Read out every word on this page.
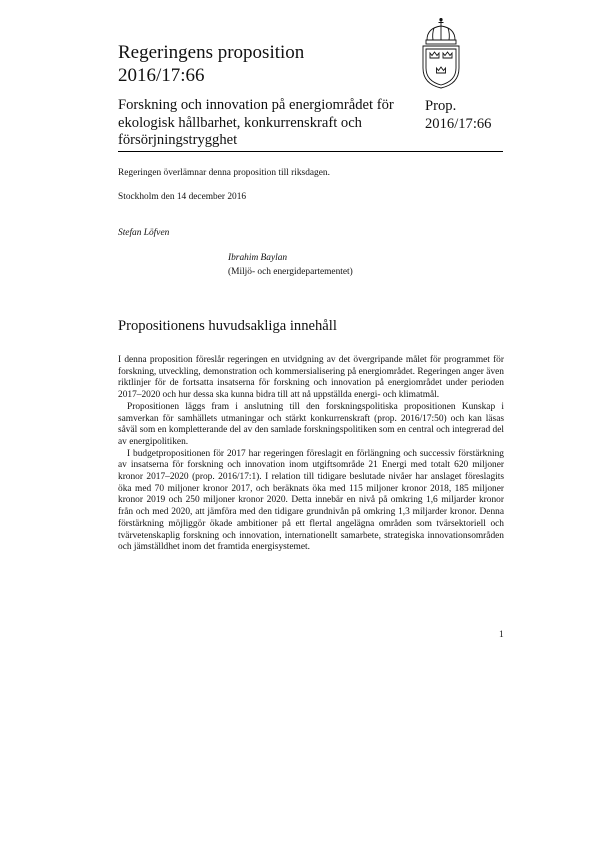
Regeringens proposition
2016/17:66
Forskning och innovation på energiområdet för ekologisk hållbarhet, konkurrenskraft och försörjningstrygghet
Prop.
2016/17:66
Regeringen överlämnar denna proposition till riksdagen.
Stockholm den 14 december 2016
Stefan Löfven
Ibrahim Baylan
(Miljö- och energidepartementet)
Propositionens huvudsakliga innehåll

I denna proposition föreslår regeringen en utvidgning av det övergripande målet för programmet för forskning, utveckling, demonstration och kommersialisering på energiområdet. Regeringen anger även riktlinjer för de fortsatta insatserna för forskning och innovation på energiområdet under perioden 2017–2020 och hur dessa ska kunna bidra till att nå uppställda energi- och klimatmål.

Propositionen läggs fram i anslutning till den forskningspolitiska propositionen Kunskap i samverkan för samhällets utmaningar och stärkt konkurrenskraft (prop. 2016/17:50) och kan läsas såväl som en kompletterande del av den samlade forskningspolitiken som en central och integrerad del av energipolitiken.

I budgetpropositionen för 2017 har regeringen föreslagit en förlängning och successiv förstärkning av insatserna för forskning och innovation inom utgiftsområde 21 Energi med totalt 620 miljoner kronor 2017–2020 (prop. 2016/17:1). I relation till tidigare beslutade nivåer har anslaget föreslagits öka med 70 miljoner kronor 2017, och beräknats öka med 115 miljoner kronor 2018, 185 miljoner kronor 2019 och 250 miljoner kronor 2020. Detta innebär en nivå på omkring 1,6 miljarder kronor från och med 2020, att jämföra med den tidigare grundnivån på omkring 1,3 miljarder kronor. Denna förstärkning möjliggör ökade ambitioner på ett flertal angelägna områden som tvärsektoriell och tvärvetenskaplig forskning och innovation, internationellt samarbete, strategiska innovationsområden och jämställdhet inom det framtida energisystemet.

1
